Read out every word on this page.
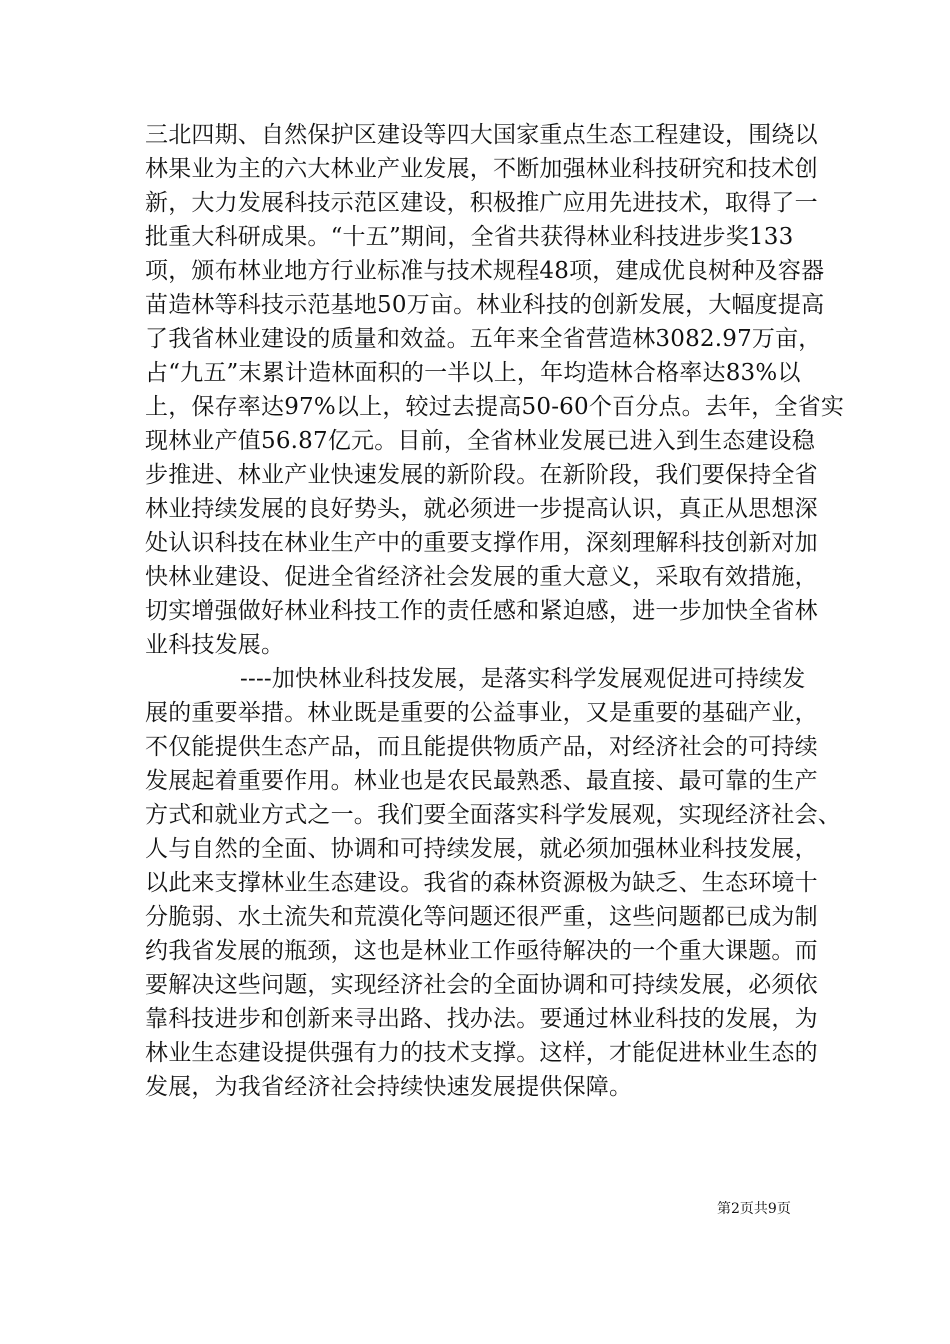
三北四期、自然保护区建设等四大国家重点生态工程建设，围绕以
林果业为主的六大林业产业发展，不断加强林业科技研究和技术创
新，大力发展科技示范区建设，积极推广应用先进技术，取得了一
批重大科研成果。“十五”期间，全省共获得林业科技进步奖133
项，颁布林业地方行业标准与技术规程48项，建成优良树种及容器
苗造林等科技示范基地50万亩。林业科技的创新发展，大幅度提高
了我省林业建设的质量和效益。五年来全省营造林3082.97万亩，
占“九五”末累计造林面积的一半以上，年均造林合格率达83%以
上，保存率达97%以上，较过去提高50-60个百分点。去年，全省实
现林业产值56.87亿元。目前，全省林业发展已进入到生态建设稳
步推进、林业产业快速发展的新阶段。在新阶段，我们要保持全省
林业持续发展的良好势头，就必须进一步提高认识，真正从思想深
处认识科技在林业生产中的重要支撑作用，深刻理解科技创新对加
快林业建设、促进全省经济社会发展的重大意义，采取有效措施，
切实增强做好林业科技工作的责任感和紧迫感，进一步加快全省林
业科技发展。
----加快林业科技发展，是落实科学发展观促进可持续发
展的重要举措。林业既是重要的公益事业，又是重要的基础产业，
不仅能提供生态产品，而且能提供物质产品，对经济社会的可持续
发展起着重要作用。林业也是农民最熟悉、最直接、最可靠的生产
方式和就业方式之一。我们要全面落实科学发展观，实现经济社会、
人与自然的全面、协调和可持续发展，就必须加强林业科技发展，
以此来支撑林业生态建设。我省的森林资源极为缺乏、生态环境十
分脆弱、水土流失和荒漠化等问题还很严重，这些问题都已成为制
约我省发展的瓶颈，这也是林业工作亟待解决的一个重大课题。而
要解决这些问题，实现经济社会的全面协调和可持续发展，必须依
靠科技进步和创新来寻出路、找办法。要通过林业科技的发展，为
林业生态建设提供强有力的技术支撑。这样，才能促进林业生态的
发展，为我省经济社会持续快速发展提供保障。
第2页共9页
